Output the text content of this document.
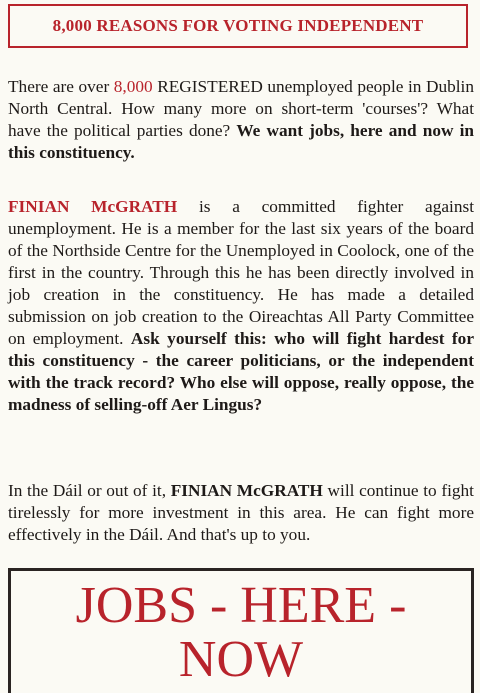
8,000 REASONS FOR VOTING INDEPENDENT

There are over 8,000 REGISTERED unemployed people in Dublin North Central. How many more on short-term 'courses'? What have the political parties done? We want jobs, here and now in this constituency.

FINIAN McGRATH is a committed fighter against unemployment. He is a member for the last six years of the board of the Northside Centre for the Unemployed in Coolock, one of the first in the country. Through this he has been directly involved in job creation in the constituency. He has made a detailed submission on job creation to the Oireachtas All Party Committee on employment. Ask yourself this: who will fight hardest for this constituency - the career politicians, or the independent with the track record? Who else will oppose, really oppose, the madness of selling-off Aer Lingus?

In the Dáil or out of it, FINIAN McGRATH will continue to fight tirelessly for more investment in this area. He can fight more effectively in the Dáil. And that's up to you.

JOBS - HERE -
NOW
